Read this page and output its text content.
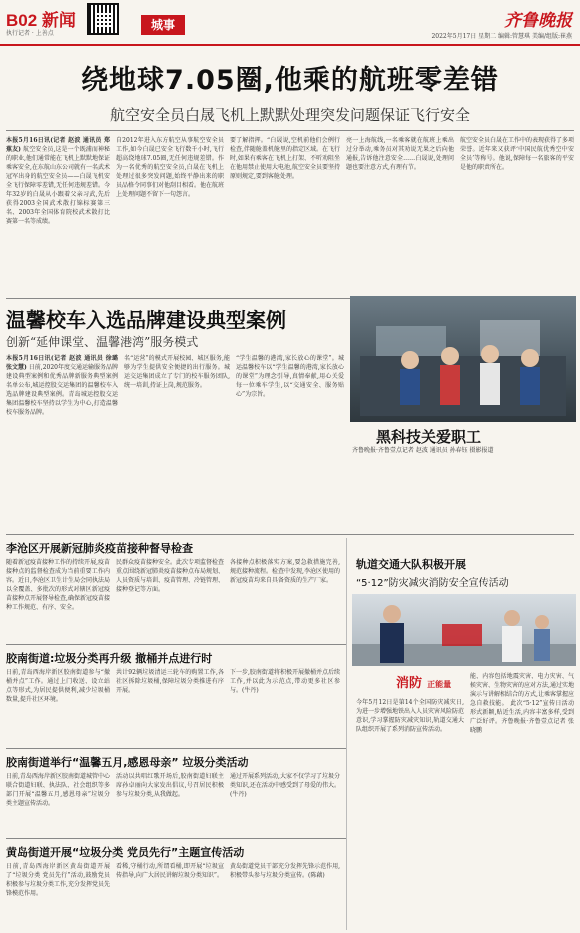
B02 新闻
执行记者 · 上善点
城事	齐鲁晚报
2022年5月17日 星期二 编辑:管慧琪 美编/组版:崔燕
绕地球7.05圈,他乘的航班零差错
航空安全员白晟飞机上默默处理突发问题保证飞行安全
本报5月16日讯(记者 赵波 通讯员 郑蕉友) 航空安全员,这是一个既浦而神秘的职业,他们通常能在飞机上默默地保证乘客安全,在东航山东公司就有一名武术冠军出身的航空安全员——白晟飞机安全飞行保障零差错,无任何违规差错。今年32岁的白晟从小跟着父亲习武,先后获得2003全国武术散打锦标赛第三名、2003年全国体育院校武术散打比赛第一名等成绩。
自2012年进入东方航空从事航空安全员工作,如今白晟已安全飞行数千小时,飞行超高绕地球7.05圈,无任何违规差错。作为一名优秀的航空安全员,白晟在飞机上处理过很多突发问题,始终平静出来的职员品格令同事们对他刮目相看。他在航班上处理问题不留下一句怨言。
要了解指挥。“白晟说,空机前他们会例行检查,伴随舱盖机舱里的指定区域。在飞行时,如果有乘客在飞机上打架、不听劝阻坐在他用禁止使用大电池,航空安全员要坚持原则规定,要到客舱处理。
亮一上海航线,一名乘客就在航班上乘出过分举动,乘务员对其劝说无果之后向他通报,告诉他注意安全……白晟说,处理问题也要注意方式,有理有节。
航空安全员白晟在工作中的表现获得了多项荣誉。近年来又获评‘中国民航优秀空中安全员’等称号。他说,保障每一名旅客的平安是他的职责所在。
温馨校车入选品牌建设典型案例
创新“延伸课堂、温馨港湾”服务模式
本报5月16日讯(记者 赵波 通讯员 徐璐 张文慧) 日前,2020年度交通运输服务品牌建设典型案例和优秀品牌新服务典型案例名单公布,城运控股交运集团的温馨校车入选品牌建设典型案例。青岛城运控股交运集团温馨校车坚持以学生为中心,打造温馨校车服务品牌。
名“运营”的模式开展校园、城区服务,能够为学生提供安全便捷的出行服务。城运交运集团成立了专门的校车服务团队,统一培训,持证上岗,规范服务。
“学生温馨的港湾,家长放心的课堂”。城运温馨校车以“学生温馨的港湾,家长放心的课堂”为理念引导,真情奉献,用心关爱每一位乘车学生,以“交通安全、服务贴心”为宗旨。
黑科技关爱职工
齐鲁晚报·齐鲁壹点记者 赵波 通讯员 孙春钰 摄影报道
李沧区开展新冠肺炎疫苗接种督导检查
随着新冠疫苗接种工作的持续开展,疫苗接种点的监督检查成为当前重要工作内容。近日,李沧区卫生计生局会同执法局以全覆盖、多批次的形式对辖区新冠疫苗接种点开展督导检查,确保新冠疫苗接种工作规范、有序、安全。
民群众疫苗接种安全。此次专项监督检查重点围绕新冠肺炎疫苗接种点布局规划、人员资质与培训、疫苗管理、冷链管理、接种登记等方面。
各接种点积极落实方案,要急救措施完善,规范接种流程。检查中发现,李沧区使用的新冠疫苗均来自具备资质的生产厂家。
胶南街道:垃圾分类再升级 撤桶并点进行时
日前,青岛西海岸新区胶南街道参与“撤桶并点”工作。通过上门收送、设立站点等形式,为居民提供便利,减少垃圾桶数量,提升社区环境。
共计92辆垃圾清运三轮车的购置工作,各社区拆除垃圾桶,保障垃圾分类推进有序开展。
下一步,胶南街道将积极开展撤桶并点后续工作,并以此为示范点,带动更多社区参与。(牛丹)
胶南街道举行“温馨五月,感恩母亲” 垃圾分类活动
日前,青岛西海岸新区胶南街道城管中心联合街道妇联、执法队、社会组织等多部门开展“温馨五月,感恩母亲”垃圾分类主题宣传活动。
活动以共唱红歌开场后,胶南街道妇联主席孙卓丽向大家发出倡议,号召居民积极参与垃圾分类,从我做起。
通过开展系列活动,大家不仅学习了垃圾分类知识,还在活动中感受到了母爱的伟大。(牛丹)
黄岛街道开展“垃圾分类 党员先行”主题宣传活动
日前,青岛西海岸新区黄岛街道开展了“垃圾分类 党员先行”活动,鼓励党员积极参与垃圾分类工作,充分发挥党员先锋模范作用。
看稀,守桶行动,所谓看桶,即开展“垃圾宣传指导,向广大居民讲解垃圾分类知识”。
黄岛街道党员干部充分发挥先锋示范作用,积极带头参与垃圾分类宣传。(陈藕)
轨道交通大队积极开展
“5·12”防灾减灾消防安全宣传活动
消防 正能量
今年5月12日是第14个全国防灾减灾日,为进一步增强地铁出入人员灾害风险防范意识,学习掌握防灾减灾知识,轨道交通大队组织开展了系列消防宣传活动。
能、内容包括地震灾害、电力灾害、气候灾害、生物灾害的应对方法,通过实地演示与讲解相结合的方式,让乘客掌握应急自救技能。 此次“5·12”宣传日活动形式新颖,贴近生活,内容丰富多样,受到广泛好评。齐鲁晚报·齐鲁壹点记者 张晓鹏
